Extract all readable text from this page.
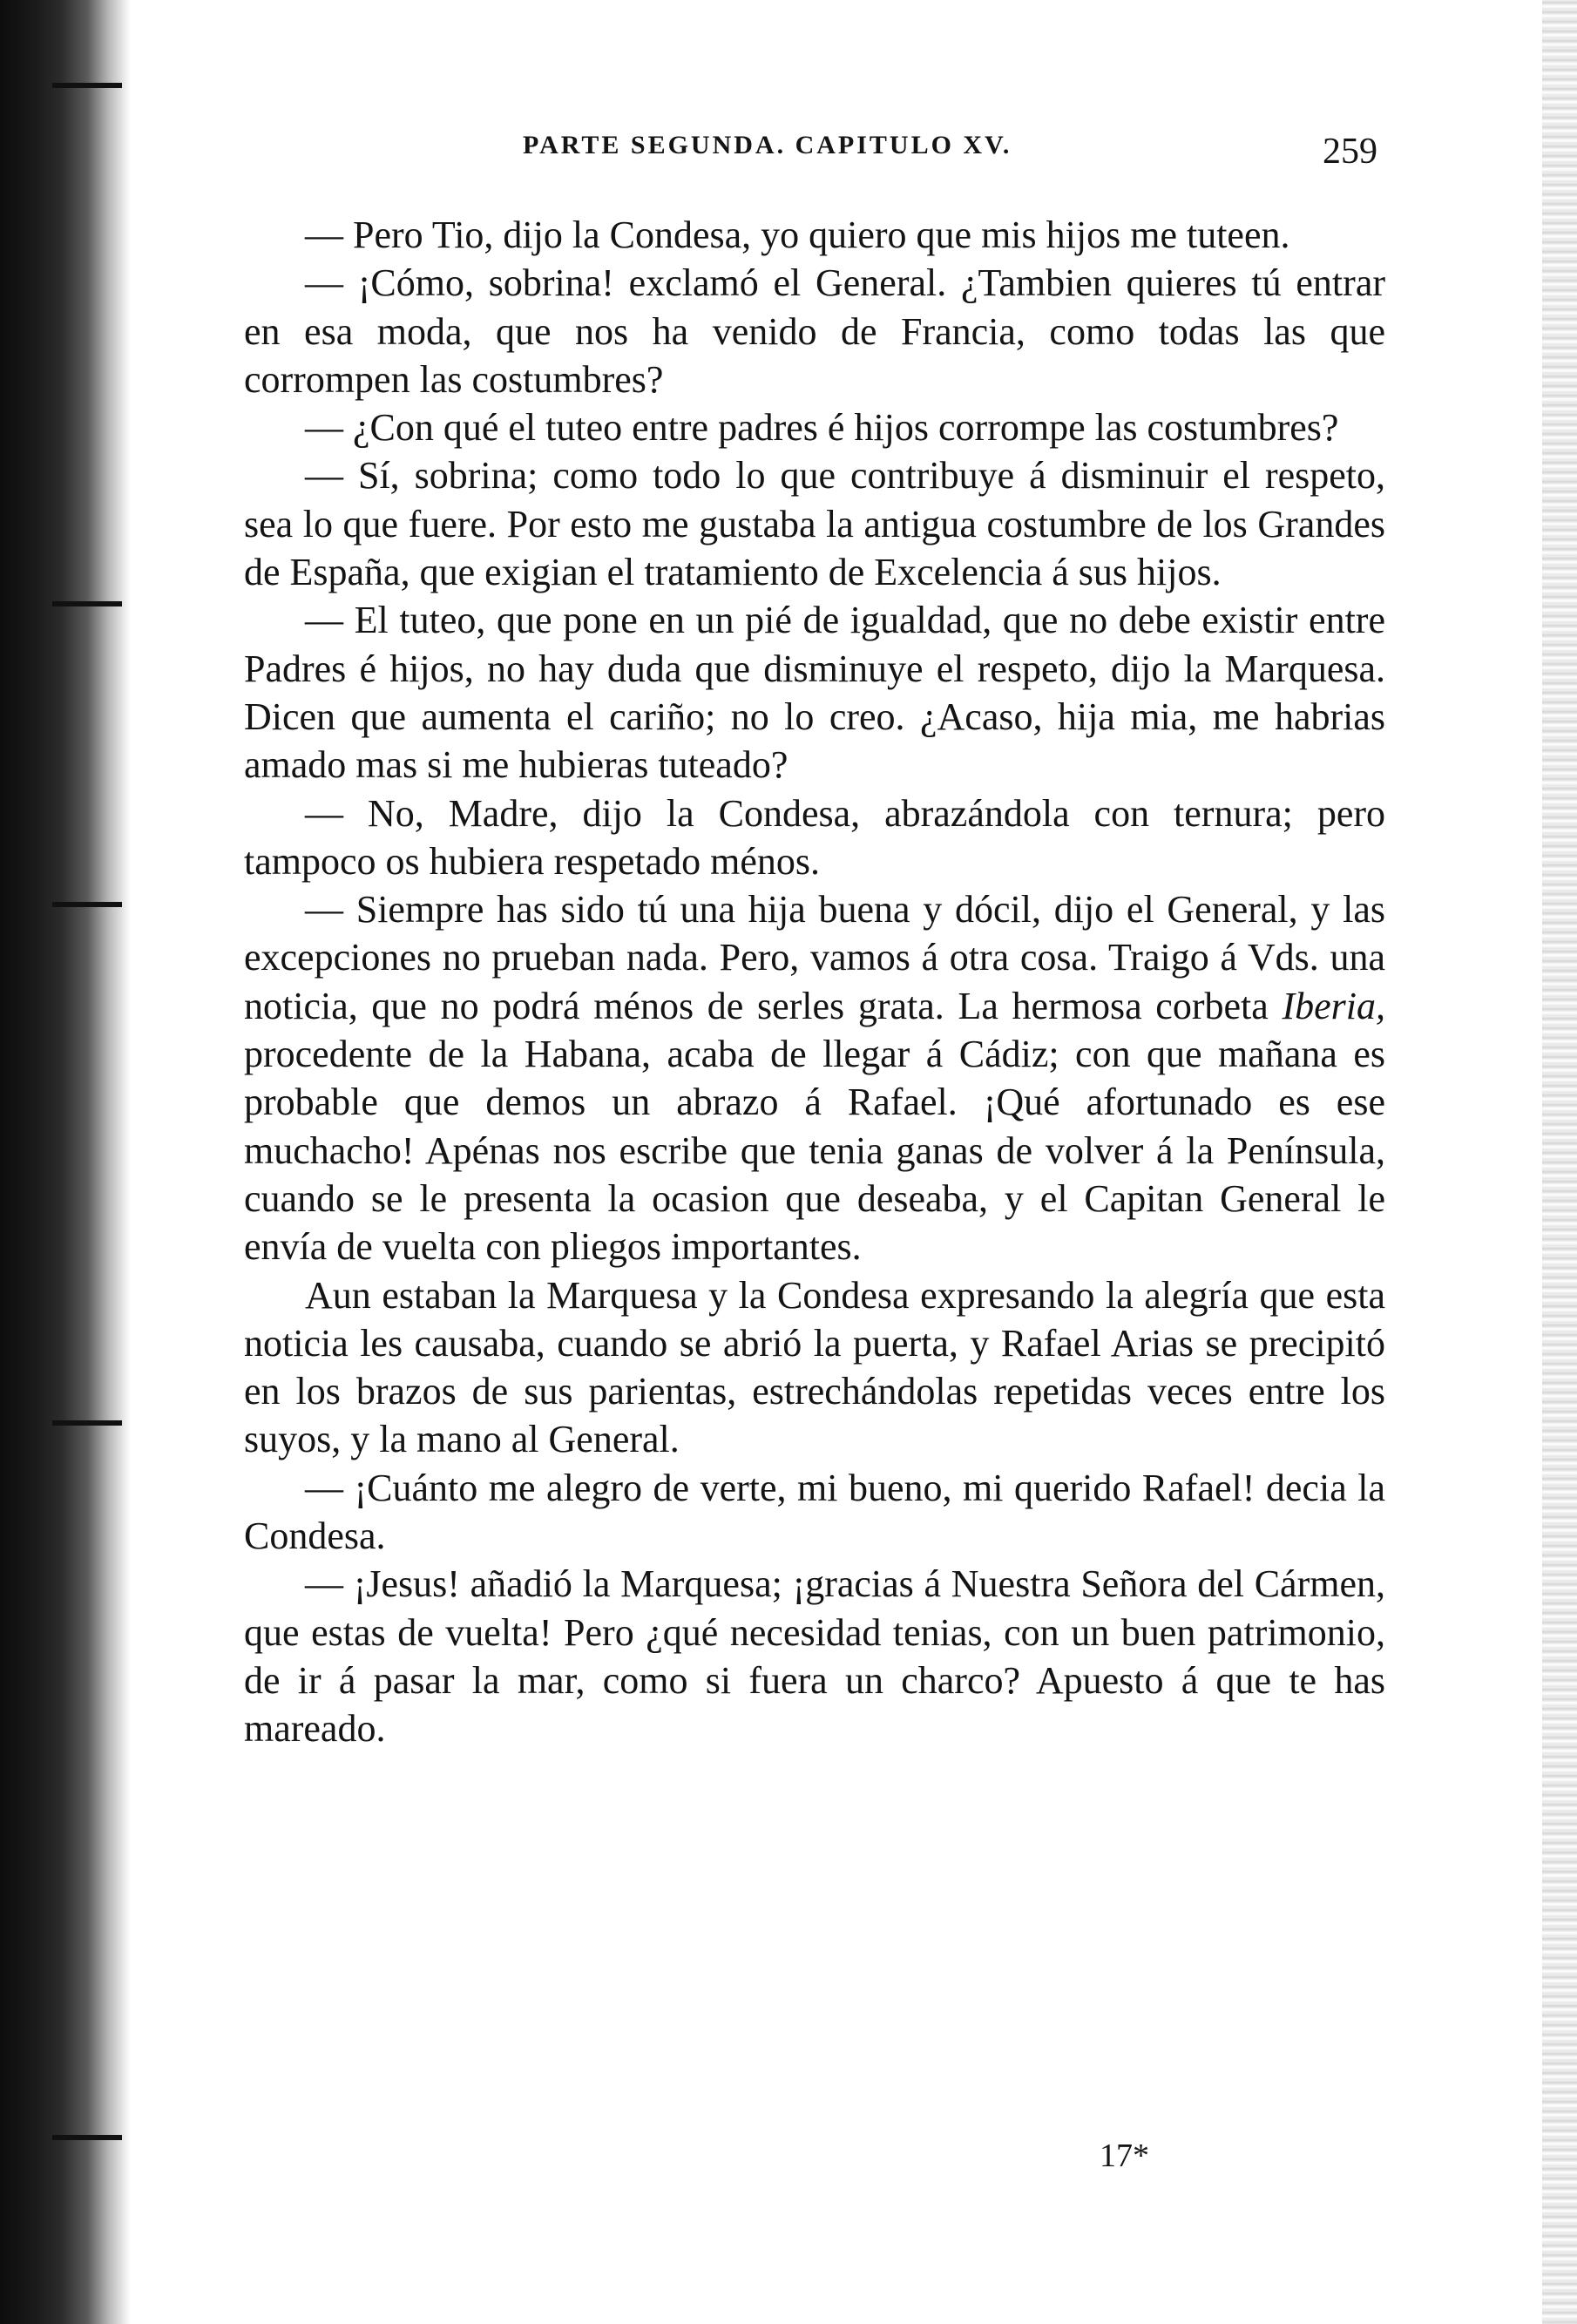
PARTE SEGUNDA. CAPITULO XV.	259

— Pero Tio, dijo la Condesa, yo quiero que mis hijos me tuteen.

— ¡Cómo, sobrina! exclamó el General. ¿Tambien quieres tú entrar en esa moda, que nos ha venido de Francia, como todas las que corrompen las costumbres?

— ¿Con qué el tuteo entre padres é hijos corrompe las costumbres?

— Sí, sobrina; como todo lo que contribuye á disminuir el respeto, sea lo que fuere. Por esto me gustaba la antigua costumbre de los Grandes de España, que exigian el tratamiento de Excelencia á sus hijos.

— El tuteo, que pone en un pié de igualdad, que no debe existir entre Padres é hijos, no hay duda que disminuye el respeto, dijo la Marquesa. Dicen que aumenta el cariño; no lo creo. ¿Acaso, hija mia, me habrias amado mas si me hubieras tuteado?

— No, Madre, dijo la Condesa, abrazándola con ternura; pero tampoco os hubiera respetado ménos.

— Siempre has sido tú una hija buena y dócil, dijo el General, y las excepciones no prueban nada. Pero, vamos á otra cosa. Traigo á Vds. una noticia, que no podrá ménos de serles grata. La hermosa corbeta Iberia, procedente de la Habana, acaba de llegar á Cádiz; con que mañana es probable que demos un abrazo á Rafael. ¡Qué afortunado es ese muchacho! Apénas nos escribe que tenia ganas de volver á la Península, cuando se le presenta la ocasion que deseaba, y el Capitan General le envía de vuelta con pliegos importantes.

Aun estaban la Marquesa y la Condesa expresando la alegría que esta noticia les causaba, cuando se abrió la puerta, y Rafael Arias se precipitó en los brazos de sus parientas, estrechándolas repetidas veces entre los suyos, y la mano al General.

— ¡Cuánto me alegro de verte, mi bueno, mi querido Rafael! decia la Condesa.

— ¡Jesus! añadió la Marquesa; ¡gracias á Nuestra Señora del Cármen, que estas de vuelta! Pero ¿qué necesidad tenias, con un buen patrimonio, de ir á pasar la mar, como si fuera un charco? Apuesto á que te has mareado.

17*
